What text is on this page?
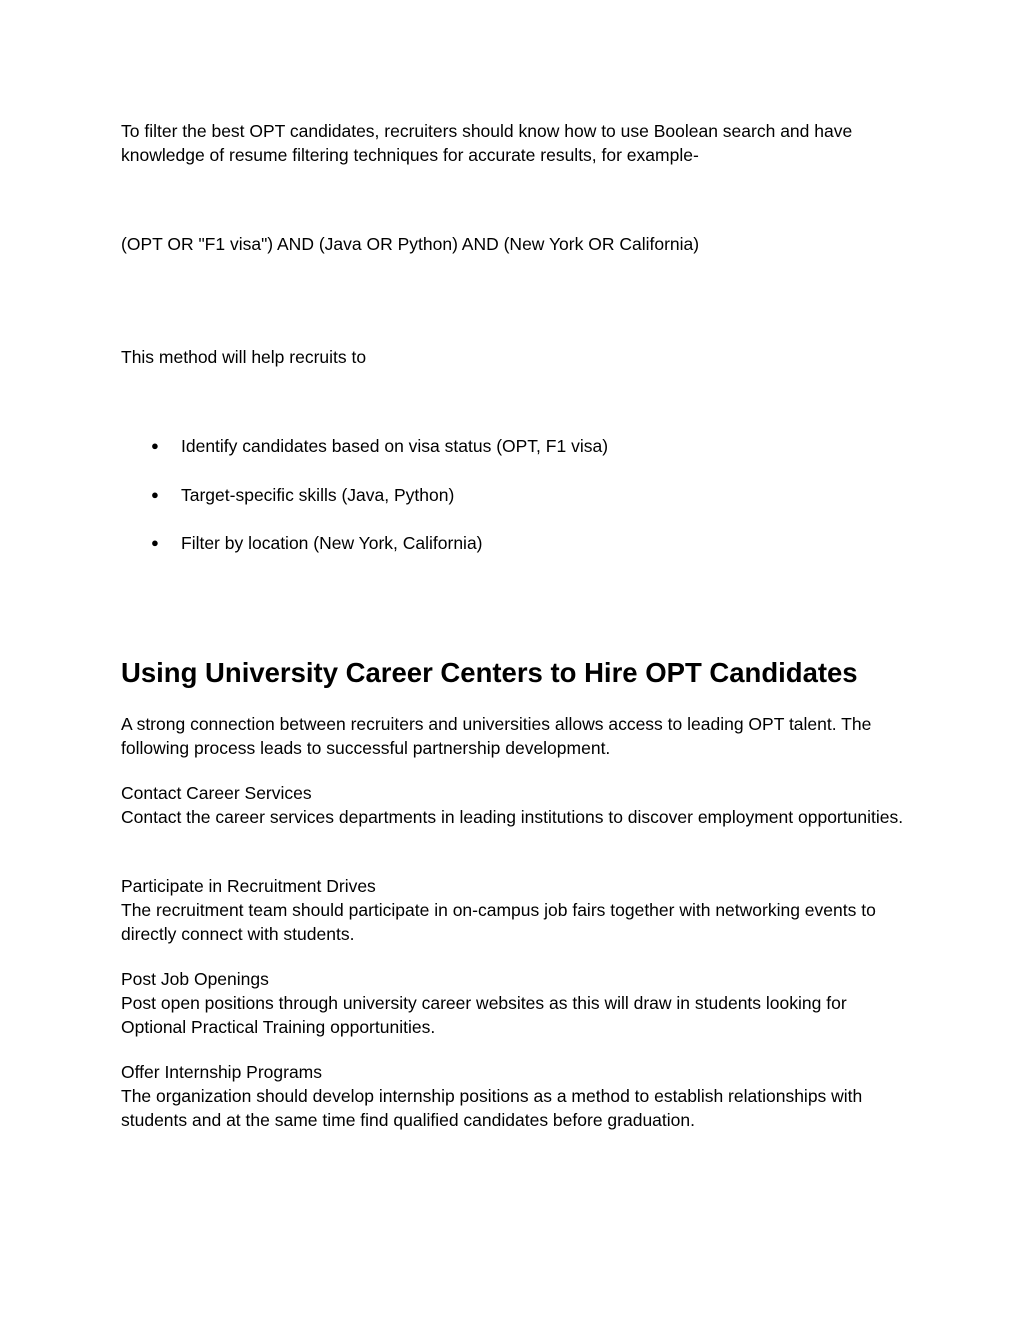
To filter the best OPT candidates, recruiters should know how to use Boolean search and have knowledge of resume filtering techniques for accurate results, for example-

(OPT OR "F1 visa") AND (Java OR Python) AND (New York OR California)

This method will help recruits to

● Identify candidates based on visa status (OPT, F1 visa)
● Target-specific skills (Java, Python)
● Filter by location (New York, California)
Using University Career Centers to Hire OPT Candidates

A strong connection between recruiters and universities allows access to leading OPT talent. The following process leads to successful partnership development.

Contact Career Services
Contact the career services departments in leading institutions to discover employment opportunities.
Participate in Recruitment Drives
The recruitment team should participate in on-campus job fairs together with networking events to directly connect with students.
Post Job Openings
Post open positions through university career websites as this will draw in students looking for Optional Practical Training opportunities.
Offer Internship Programs
The organization should develop internship positions as a method to establish relationships with students and at the same time find qualified candidates before graduation.
